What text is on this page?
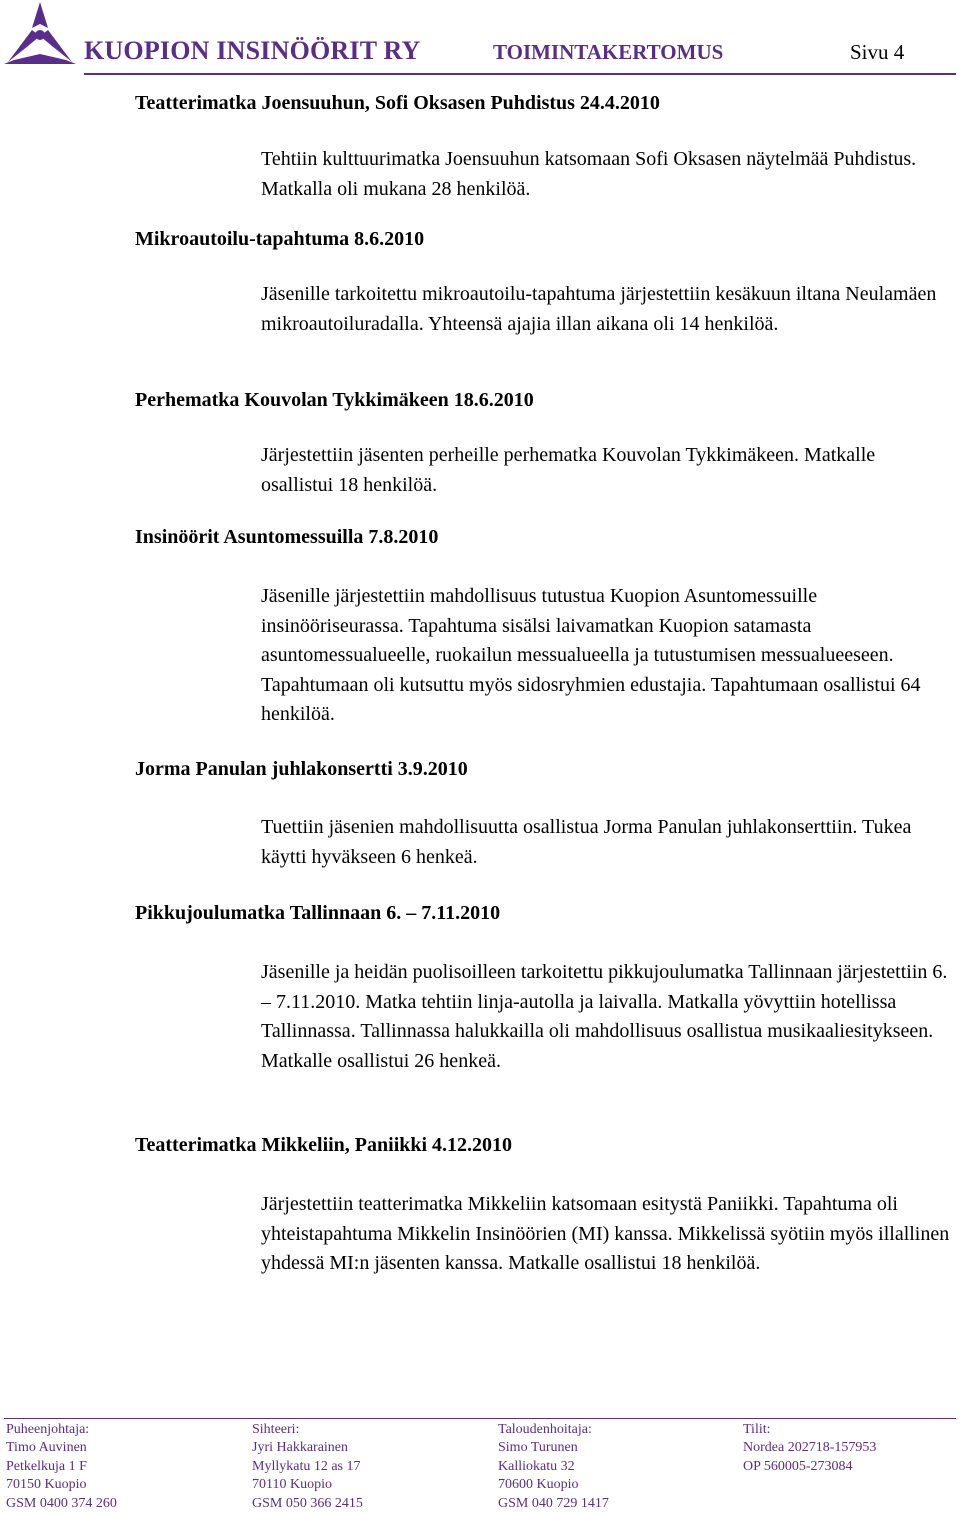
KUOPION INSINÖÖRIT RY	TOIMINTAKERTOMUS	Sivu 4
Teatterimatka Joensuuhun, Sofi Oksasen Puhdistus 24.4.2010
Tehtiin kulttuurimatka Joensuuhun katsomaan Sofi Oksasen näytelmää Puhdistus. Matkalla oli mukana 28 henkilöä.
Mikroautoilu-tapahtuma 8.6.2010
Jäsenille tarkoitettu mikroautoilu-tapahtuma järjestettiin kesäkuun iltana Neulamäen mikroautoiluradalla. Yhteensä ajajia illan aikana oli 14 henkilöä.
Perhematka Kouvolan Tykkimäkeen 18.6.2010
Järjestettiin jäsenten perheille perhematka Kouvolan Tykkimäkeen. Matkalle osallistui 18 henkilöä.
Insinöörit Asuntomessuilla 7.8.2010
Jäsenille järjestettiin mahdollisuus tutustua Kuopion Asuntomessuille insinööriseurassa. Tapahtuma sisälsi laivamatkan Kuopion satamasta asuntomessualueelle, ruokailun messualueella ja tutustumisen messualueeseen. Tapahtumaan oli kutsuttu myös sidosryhmien edustajia. Tapahtumaan osallistui 64 henkilöä.
Jorma Panulan juhlakonsertti 3.9.2010
Tuettiin jäsenien mahdollisuutta osallistua Jorma Panulan juhlakonserttiin. Tukea käytti hyväkseen 6 henkeä.
Pikkujoulumatka Tallinnaan 6. – 7.11.2010
Jäsenille ja heidän puolisoilleen tarkoitettu pikkujoulumatka Tallinnaan järjestettiin 6. – 7.11.2010. Matka tehtiin linja-autolla ja laivalla. Matkalla yövyttiin hotellissa Tallinnassa. Tallinnassa halukkailla oli mahdollisuus osallistua musikaaliesitykseen. Matkalle osallistui 26 henkeä.
Teatterimatka Mikkeliin, Paniikki 4.12.2010
Järjestettiin teatterimatka Mikkeliin katsomaan esitystä Paniikki. Tapahtuma oli yhteistapahtuma Mikkelin Insinöörien (MI) kanssa. Mikkelissä syötiin myös illallinen yhdessä MI:n jäsenten kanssa. Matkalle osallistui 18 henkilöä.
Puheenjohtaja:
Timo Auvinen
Petkelkuja 1 F
70150 Kuopio
GSM 0400 374 260
Sihteeri:
Jyri Hakkarainen
Myllykatu 12 as 17
70110 Kuopio
GSM 050 366 2415
Taloudenhoitaja:
Simo Turunen
Kalliokatu 32
70600 Kuopio
GSM 040 729 1417
Tilit:
Nordea 202718-157953
OP 560005-273084
